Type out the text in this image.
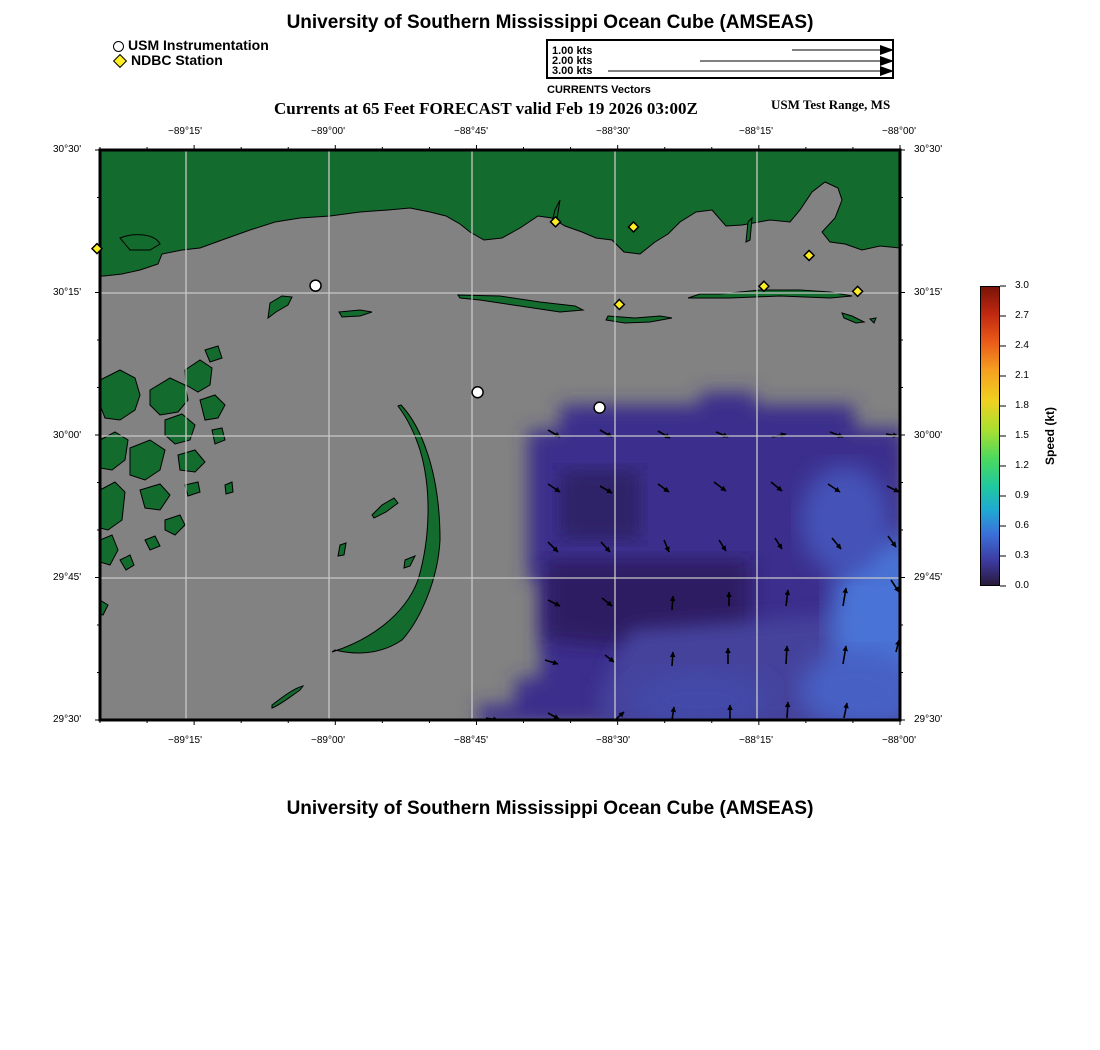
University of Southern Mississippi Ocean Cube (AMSEAS)
University of Southern Mississippi Ocean Cube (AMSEAS)
USM Instrumentation
NDBC Station
1.00 kts
2.00 kts
3.00 kts
CURRENTS Vectors
Currents at 65 Feet FORECAST valid Feb 19 2026 03:00Z	USM Test Range, MS
−89°15'	−89°00'	−88°45'	−88°30'	−88°15'	−88°00'
−89°15'	−89°00'	−88°45'	−88°30'	−88°15'	−88°00'
30°30'
30°15'
30°00'
29°45'
29°30'
30°30'
30°15'
30°00'
29°45'
29°30'
3.0
2.7
2.4
2.1
1.8
1.5
1.2
0.9
0.6
0.3
0.0
Speed (kt)
